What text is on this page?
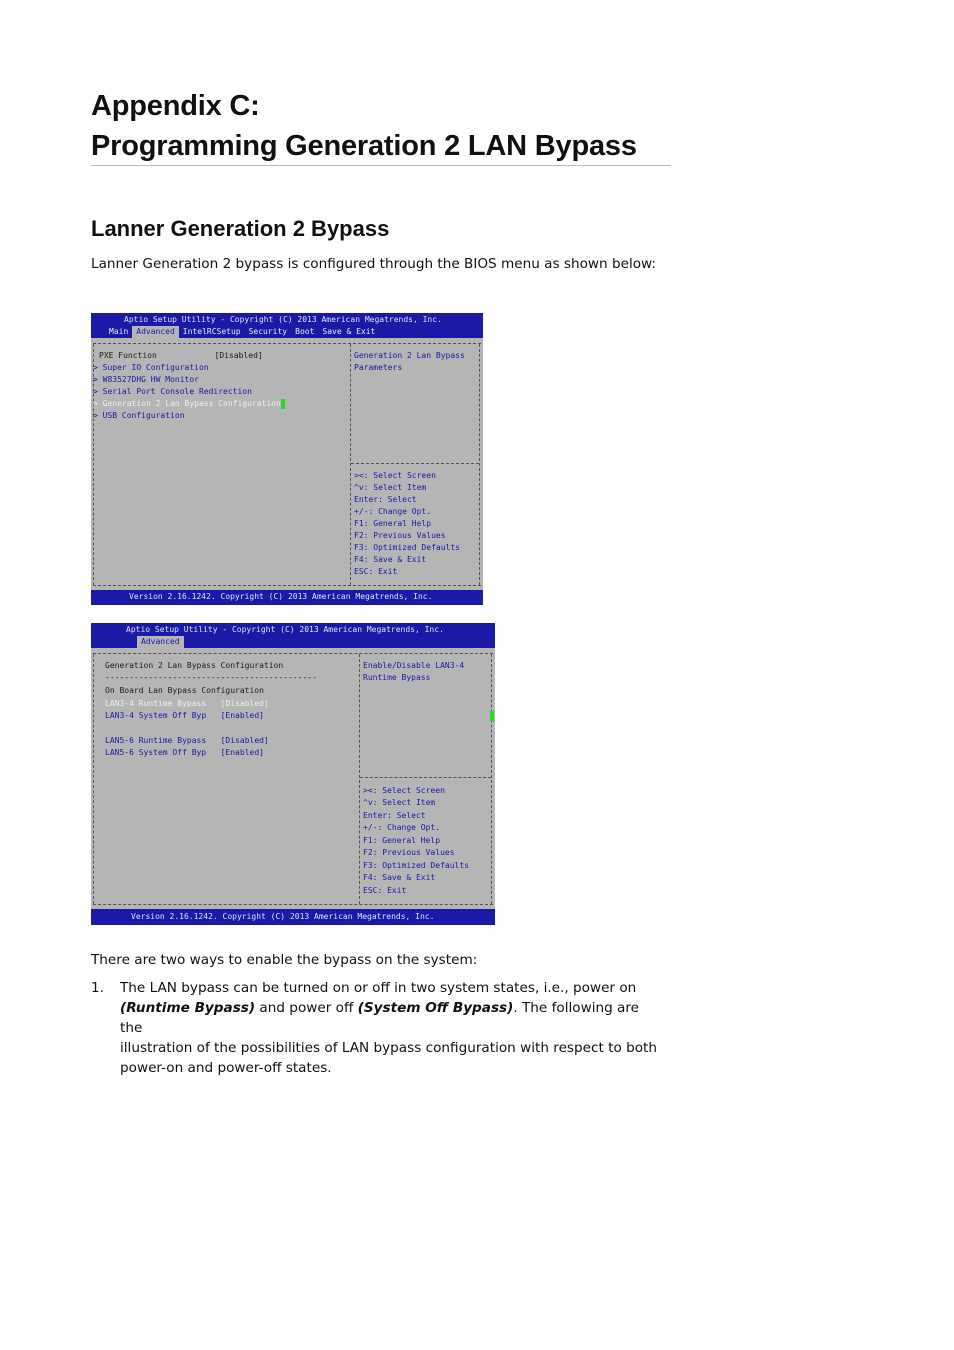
Appendix C:
Programming Generation 2 LAN Bypass
Lanner Generation 2 Bypass
Lanner Generation 2 bypass is configured through the BIOS menu as shown below:
Aptio Setup Utility - Copyright (C) 2013 American Megatrends, Inc.
Main	Advanced	IntelRCSetup	Security	Boot	Save & Exit
PXE Function            [Disabled]
> Super IO Configuration
> W83527DHG HW Monitor
> Serial Port Console Redirection
> Generation 2 Lan Bypass Configuration
> USB Configuration
Generation 2 Lan Bypass
Parameters
><: Select Screen
^v: Select Item
Enter: Select
+/-: Change Opt.
F1: General Help
F2: Previous Values
F3: Optimized Defaults
F4: Save & Exit
ESC: Exit
Version 2.16.1242. Copyright (C) 2013 American Megatrends, Inc.
Aptio Setup Utility - Copyright (C) 2013 American Megatrends, Inc.
Advanced
Generation 2 Lan Bypass Configuration
--------------------------------------------
On Board Lan Bypass Configuration
LAN3-4 Runtime Bypass [Disabled]
LAN3-4 System Off Byp [Enabled]
LAN5-6 Runtime Bypass [Disabled]
LAN5-6 System Off Byp [Enabled]
Enable/Disable LAN3-4
Runtime Bypass
><: Select Screen
^v: Select Item
Enter: Select
+/-: Change Opt.
F1: General Help
F2: Previous Values
F3: Optimized Defaults
F4: Save & Exit
ESC: Exit
Version 2.16.1242. Copyright (C) 2013 American Megatrends, Inc.
There are two ways to enable the bypass on the system:
1. The LAN bypass can be turned on or off in two system states, i.e., power on
(Runtime Bypass) and power off (System Off Bypass). The following are the
illustration of the possibilities of LAN bypass configuration with respect to both
power-on and power-off states.
